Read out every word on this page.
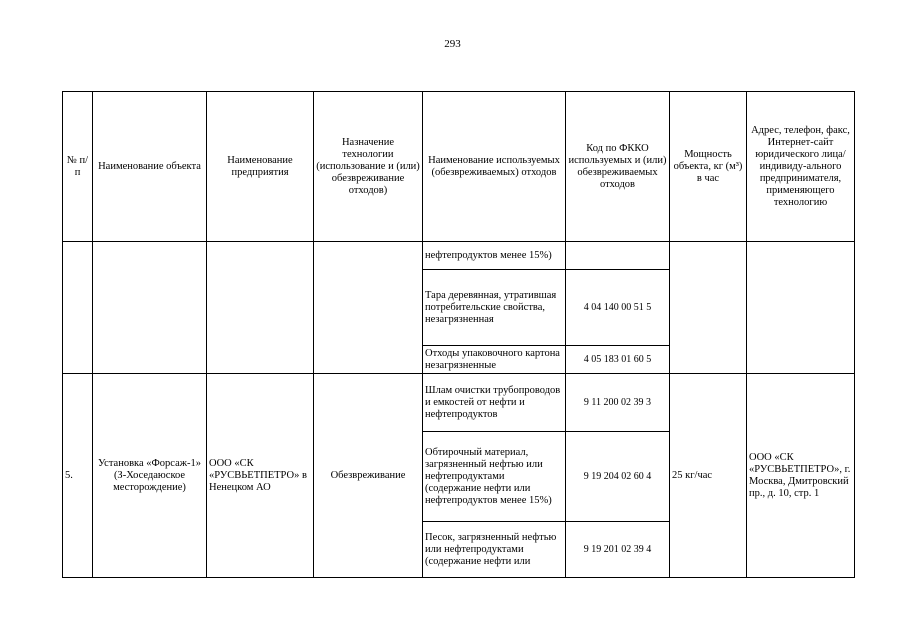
293
№ п/п	Наименование объекта	Наименование предприятия	Назначение технологии (использование и (или) обезвреживание отходов)	Наименование используемых (обезвреживаемых) отходов	Код по ФККО используемых и (или) обезвреживаемых отходов	Мощность объекта, кг (м³) в час	Адрес, телефон, факс, Интернет-сайт юридического лица/индивиду-ального предпринимателя, применяющего технологию
				нефтепродуктов менее 15%)			
				Тара деревянная, утратившая потребительские свойства, незагрязненная	4 04 140 00 51 5		
				Отходы упаковочного картона незагрязненные	4 05 183 01 60 5		
5.	Установка «Форсаж-1» (З-Хоседаюское месторождение)	ООО «СК «РУСВЬЕТПЕТРО» в Ненецком АО	Обезвреживание	Шлам очистки трубопроводов и емкостей от нефти и нефтепродуктов	9 11 200 02 39 3	25 кг/час	ООО «СК «РУСВЬЕТПЕТРО», г. Москва, Дмитровский пр., д. 10, стр. 1
				Обтирочный материал, загрязненный нефтью или нефтепродуктами (содержание нефти или нефтепродуктов менее 15%)	9 19 204 02 60 4		
				Песок, загрязненный нефтью или нефтепродуктами (содержание нефти или	9 19 201 02 39 4		
